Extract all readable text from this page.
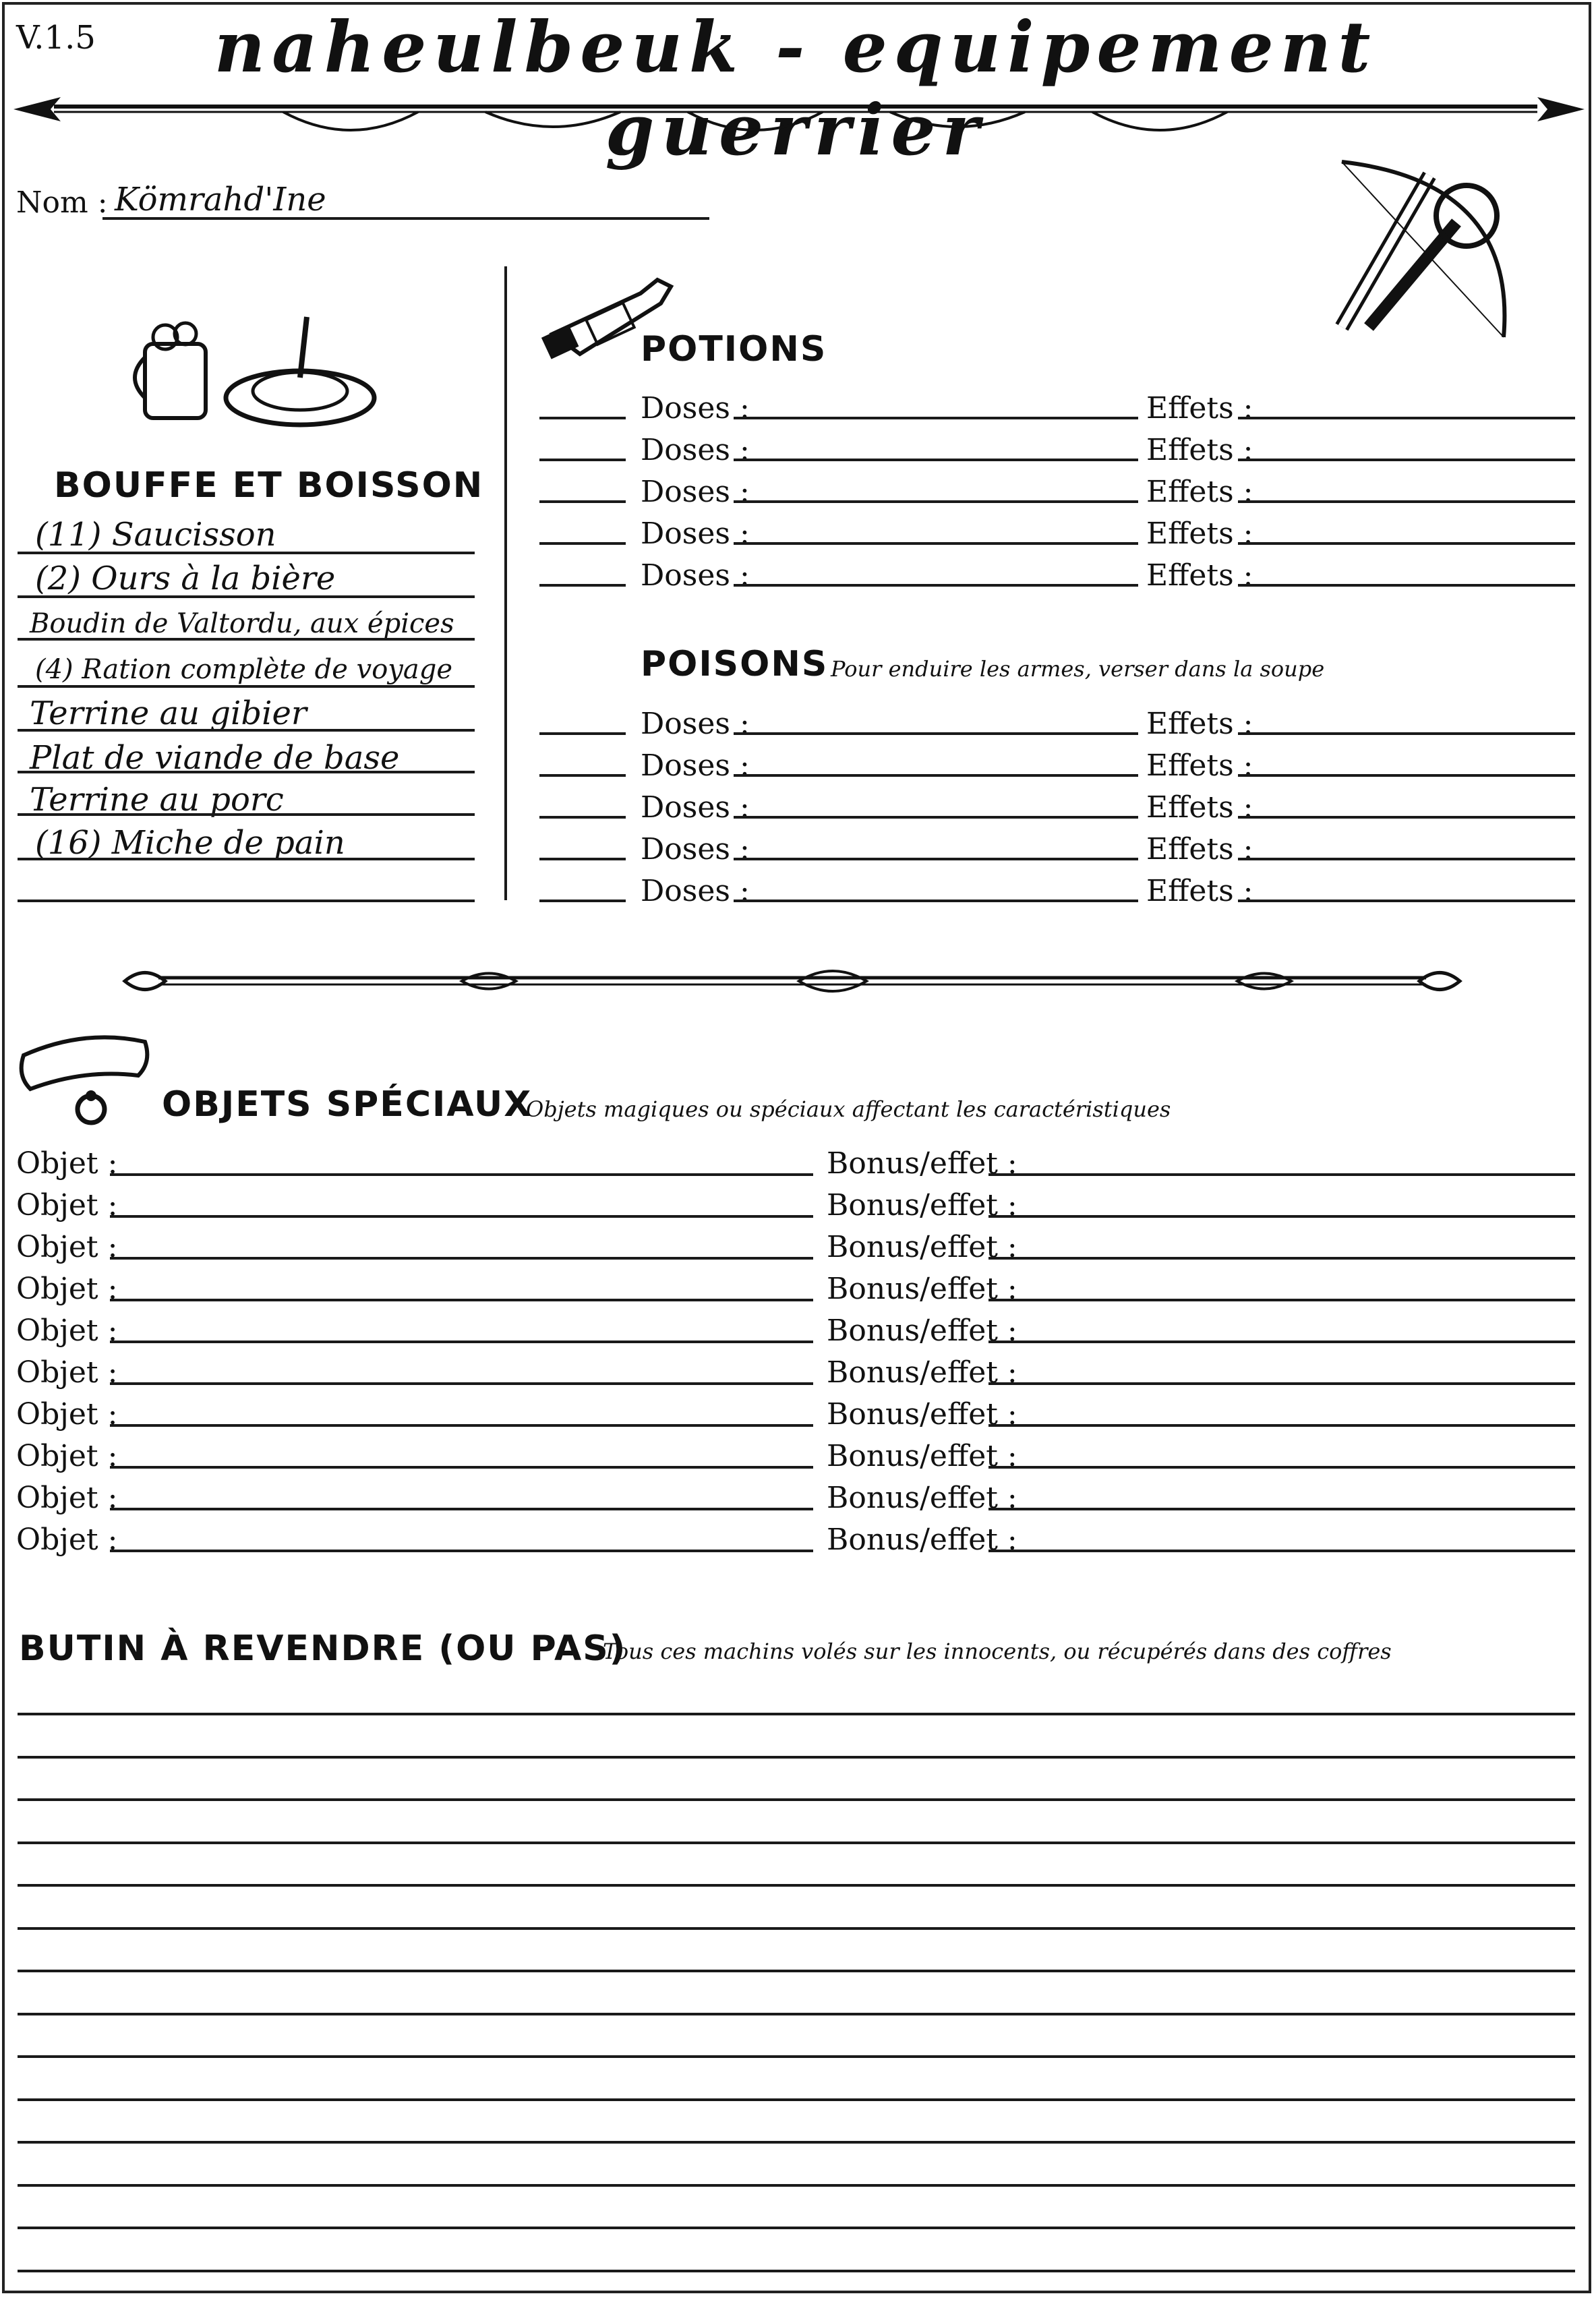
V.1.5	naheulbeuk - equipement guerrier
Nom : Kömrahd'Ine
BOUFFE ET BOISSON
(11) Saucisson
(2) Ours à la bière
Boudin de Valtordu, aux épices
(4) Ration complète de voyage
Terrine au gibier
Plat de viande de base
Terrine au porc
(16) Miche de pain
POTIONS
Doses :	Effets :
Doses :	Effets :
Doses :	Effets :
Doses :	Effets :
Doses :	Effets :
POISONS Pour enduire les armes, verser dans la soupe
Doses :	Effets :
Doses :	Effets :
Doses :	Effets :
Doses :	Effets :
Doses :	Effets :
OBJETS SPÉCIAUX
Objets magiques ou spéciaux affectant les caractéristiques
Objet :	Bonus/effet :
Objet :	Bonus/effet :
Objet :	Bonus/effet :
Objet :	Bonus/effet :
Objet :	Bonus/effet :
Objet :	Bonus/effet :
Objet :	Bonus/effet :
Objet :	Bonus/effet :
Objet :	Bonus/effet :
Objet :	Bonus/effet :
BUTIN À REVENDRE (OU PAS)
Tous ces machins volés sur les innocents, ou récupérés dans des coffres
